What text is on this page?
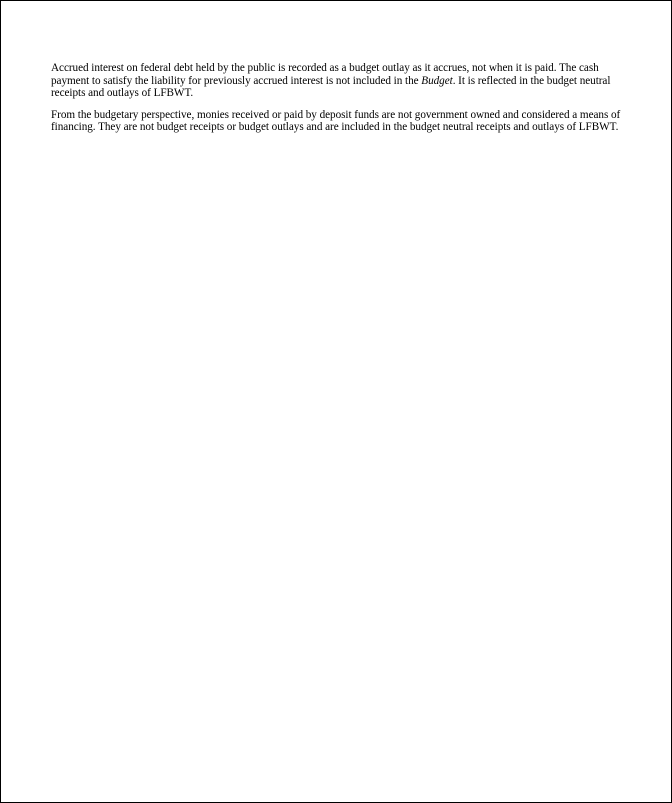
Accrued interest on federal debt held by the public is recorded as a budget outlay as it accrues, not when it is paid. The cash payment to satisfy the liability for previously accrued interest is not included in the Budget. It is reflected in the budget neutral receipts and outlays of LFBWT.

From the budgetary perspective, monies received or paid by deposit funds are not government owned and considered a means of financing. They are not budget receipts or budget outlays and are included in the budget neutral receipts and outlays of LFBWT.
